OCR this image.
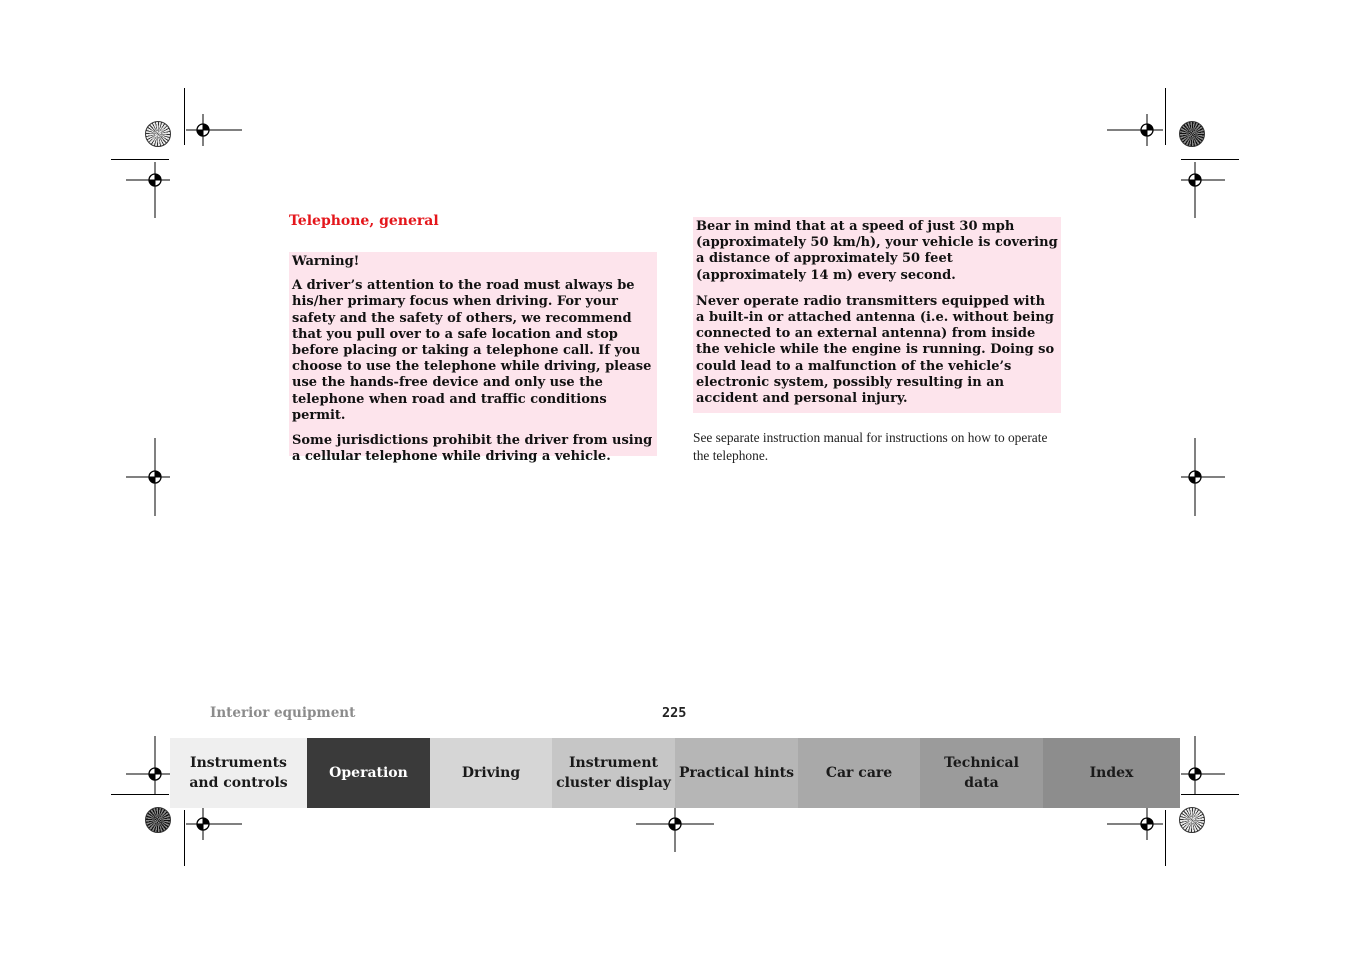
Telephone, general

Warning!

A driver’s attention to the road must always be his/her primary focus when driving. For your safety and the safety of others, we recommend that you pull over to a safe location and stop before placing or taking a telephone call. If you choose to use the telephone while driving, please use the hands-free device and only use the telephone when road and traffic conditions permit.

Some jurisdictions prohibit the driver from using a cellular telephone while driving a vehicle.

Bear in mind that at a speed of just 30 mph (approximately 50 km/h), your vehicle is covering a distance of approximately 50 feet (approximately 14 m) every second.

Never operate radio transmitters equipped with a built-in or attached antenna (i.e. without being connected to an external antenna) from inside the vehicle while the engine is running. Doing so could lead to a malfunction of the vehicle’s electronic system, possibly resulting in an accident and personal injury.

See separate instruction manual for instructions on how to operate the telephone.
Interior equipment	225
Instruments
and controls
Operation	Driving
Instrument
cluster display
Practical hints	Car care
Technical
data
Index
